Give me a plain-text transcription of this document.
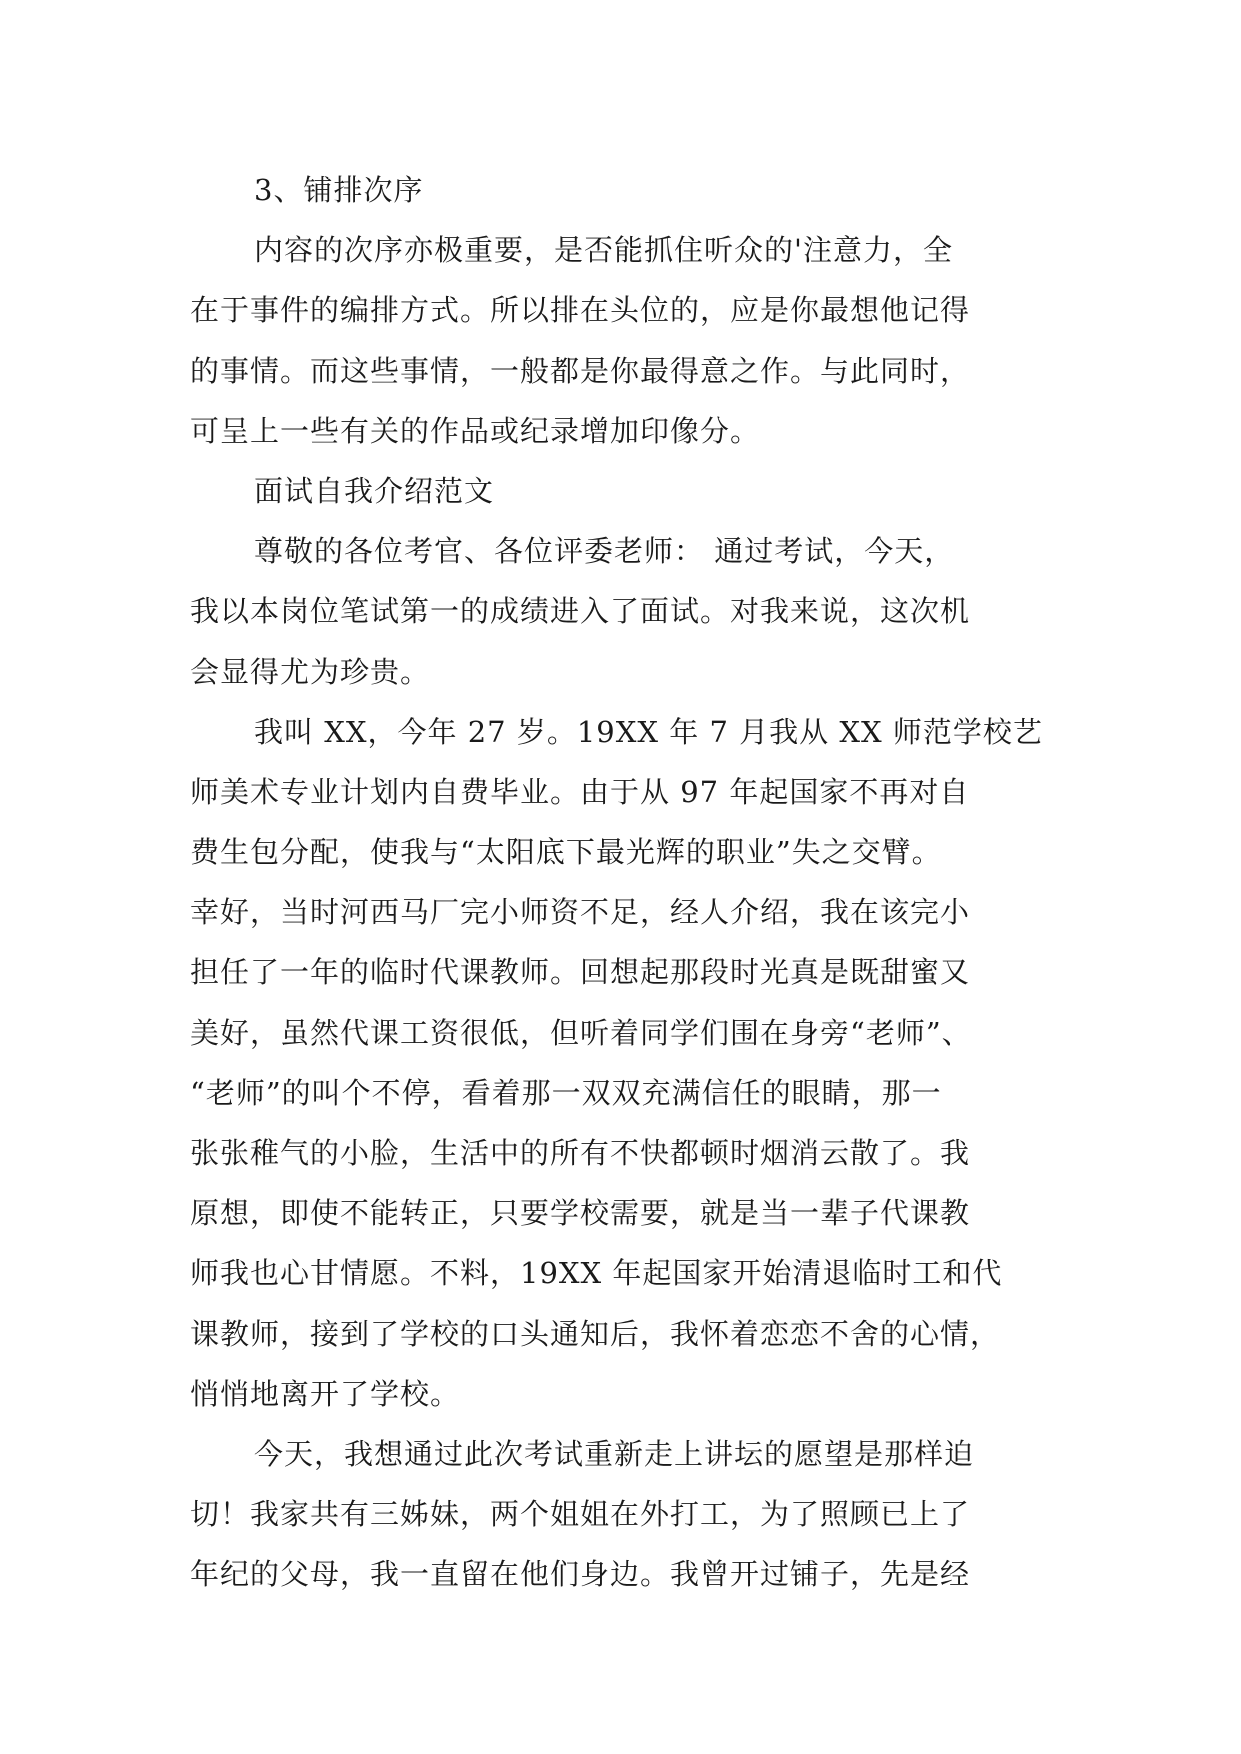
3、铺排次序
内容的次序亦极重要，是否能抓住听众的'注意力，全
在于事件的编排方式。所以排在头位的，应是你最想他记得
的事情。而这些事情，一般都是你最得意之作。与此同时，
可呈上一些有关的作品或纪录增加印像分。
面试自我介绍范文
尊敬的各位考官、各位评委老师： 通过考试，今天，
我以本岗位笔试第一的成绩进入了面试。对我来说，这次机
会显得尤为珍贵。
我叫 XX，今年 27 岁。19XX 年 7 月我从 XX 师范学校艺
师美术专业计划内自费毕业。由于从 97 年起国家不再对自
费生包分配，使我与“太阳底下最光辉的职业”失之交臂。
幸好，当时河西马厂完小师资不足，经人介绍，我在该完小
担任了一年的临时代课教师。回想起那段时光真是既甜蜜又
美好，虽然代课工资很低，但听着同学们围在身旁“老师”、
“老师”的叫个不停，看着那一双双充满信任的眼睛，那一
张张稚气的小脸，生活中的所有不快都顿时烟消云散了。我
原想，即使不能转正，只要学校需要，就是当一辈子代课教
师我也心甘情愿。不料，19XX 年起国家开始清退临时工和代
课教师，接到了学校的口头通知后，我怀着恋恋不舍的心情，
悄悄地离开了学校。
今天，我想通过此次考试重新走上讲坛的愿望是那样迫
切！我家共有三姊妹，两个姐姐在外打工，为了照顾已上了
年纪的父母，我一直留在他们身边。我曾开过铺子，先是经
